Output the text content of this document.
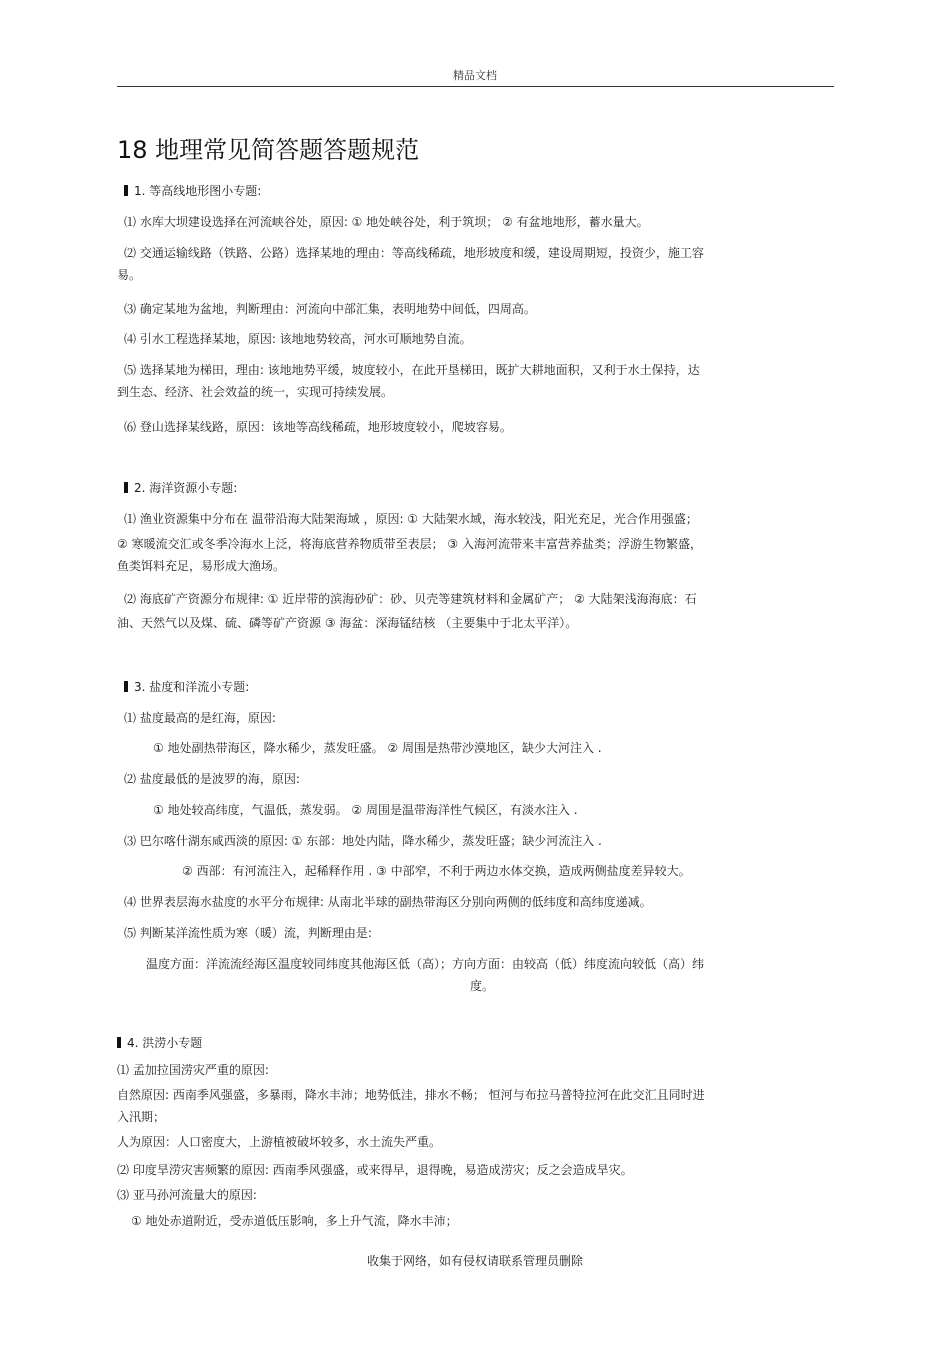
精品文档
18 地理常见简答题答题规范
1. 等高线地形图小专题:
⑴ 水库大坝建设选择在河流峡谷处，原因: ① 地处峡谷处，利于筑坝； ② 有盆地地形，蓄水量大。
⑵ 交通运输线路（铁路、公路）选择某地的理由：等高线稀疏，地形坡度和缓，建设周期短，投资少，施工容
易。
⑶ 确定某地为盆地，判断理由：河流向中部汇集，表明地势中间低，四周高。
⑷ 引水工程选择某地，原因: 该地地势较高，河水可顺地势自流。
⑸ 选择某地为梯田，理由: 该地地势平缓，坡度较小，在此开垦梯田，既扩大耕地面积，又利于水土保持，达
到生态、经济、社会效益的统一，实现可持续发展。
⑹ 登山选择某线路，原因：该地等高线稀疏，地形坡度较小，爬坡容易。
2. 海洋资源小专题:
⑴ 渔业资源集中分布在 温带沿海大陆架海域 ，原因: ① 大陆架水域，海水较浅，阳光充足，光合作用强盛；
② 寒暖流交汇或冬季冷海水上泛，将海底营养物质带至表层； ③ 入海河流带来丰富营养盐类；浮游生物繁盛，
鱼类饵料充足，易形成大渔场。
⑵ 海底矿产资源分布规律: ① 近岸带的滨海砂矿：砂、贝壳等建筑材料和金属矿产； ② 大陆架浅海海底：石
油、天然气以及煤、硫、磷等矿产资源 ③ 海盆：深海锰结核 （主要集中于北太平洋）。
3. 盐度和洋流小专题:
⑴ 盐度最高的是红海，原因:
① 地处副热带海区，降水稀少，蒸发旺盛。 ② 周围是热带沙漠地区，缺少大河注入 .
⑵ 盐度最低的是波罗的海，原因:
① 地处较高纬度，气温低，蒸发弱。 ② 周围是温带海洋性气候区，有淡水注入 .
⑶ 巴尔喀什湖东咸西淡的原因: ① 东部：地处内陆，降水稀少，蒸发旺盛；缺少河流注入 .
② 西部：有河流注入，起稀释作用 . ③ 中部窄，不利于两边水体交换，造成两侧盐度差异较大。
⑷ 世界表层海水盐度的水平分布规律: 从南北半球的副热带海区分别向两侧的低纬度和高纬度递减。
⑸ 判断某洋流性质为寒（暖）流，判断理由是:
温度方面：洋流流经海区温度较同纬度其他海区低（高）；方向方面：由较高（低）纬度流向较低（高）纬
度。
4. 洪涝小专题
⑴ 孟加拉国涝灾严重的原因:
自然原因: 西南季风强盛，多暴雨，降水丰沛；地势低洼，排水不畅； 恒河与布拉马普特拉河在此交汇且同时进
入汛期；
人为原因：人口密度大，上游植被破坏较多，水土流失严重。
⑵ 印度旱涝灾害频繁的原因: 西南季风强盛，或来得早，退得晚，易造成涝灾；反之会造成旱灾。
⑶ 亚马孙河流量大的原因:
① 地处赤道附近，受赤道低压影响，多上升气流，降水丰沛；
收集于网络，如有侵权请联系管理员删除
